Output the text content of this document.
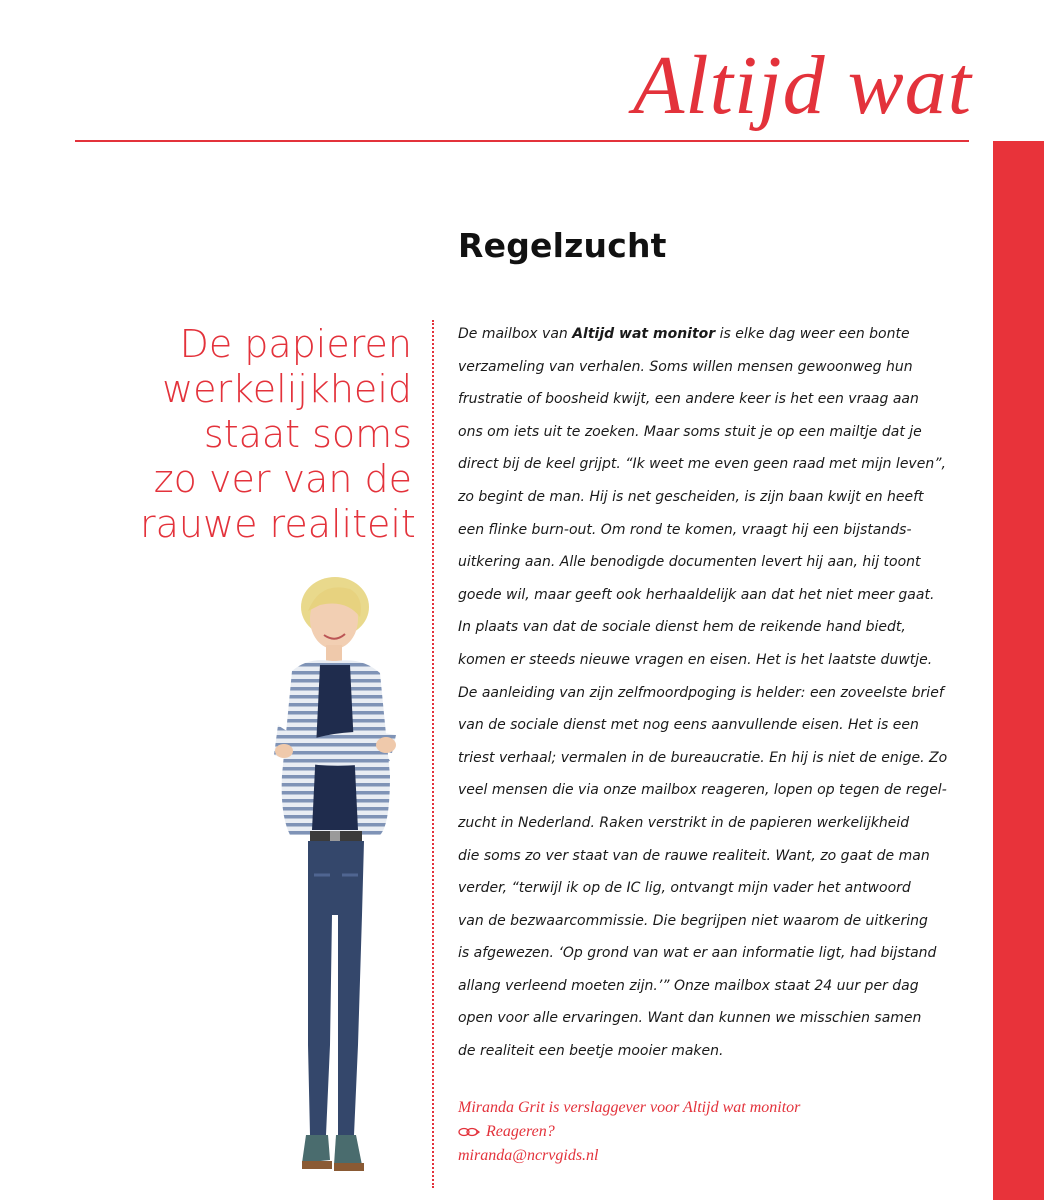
Altijd wat
Regelzucht
De papieren
werkelijkheid
staat soms
zo ver van de
rauwe realiteit
De mailbox van Altijd wat monitor is elke dag weer een bonte
verzameling van verhalen. Soms willen mensen gewoonweg hun
frustratie of boosheid kwijt, een andere keer is het een vraag aan
ons om iets uit te zoeken. Maar soms stuit je op een mailtje dat je
direct bij de keel grijpt. “Ik weet me even geen raad met mijn leven”,
zo begint de man. Hij is net gescheiden, is zijn baan kwijt en heeft
een flinke burn-out. Om rond te komen, vraagt hij een bijstands-
uitkering aan. Alle benodigde documenten levert hij aan, hij toont
goede wil, maar geeft ook herhaaldelijk aan dat het niet meer gaat.
In plaats van dat de sociale dienst hem de reikende hand biedt,
komen er steeds nieuwe vragen en eisen. Het is het laatste duwtje.
De aanleiding van zijn zelfmoordpoging is helder: een zoveelste brief
van de sociale dienst met nog eens aanvullende eisen. Het is een
triest verhaal; vermalen in de bureaucratie. En hij is niet de enige. Zo
veel mensen die via onze mailbox reageren, lopen op tegen de regel-
zucht in Nederland. Raken verstrikt in de papieren werkelijkheid
die soms zo ver staat van de rauwe realiteit. Want, zo gaat de man
verder, “terwijl ik op de IC lig, ontvangt mijn vader het antwoord
van de bezwaarcommissie. Die begrijpen niet waarom de uitkering
is afgewezen. ‘Op grond van wat er aan informatie ligt, had bijstand
allang verleend moeten zijn.’” Onze mailbox staat 24 uur per dag
open voor alle ervaringen. Want dan kunnen we misschien samen
de realiteit een beetje mooier maken.
Miranda Grit is verslaggever voor Altijd wat monitor
Reageren?
miranda@ncrvgids.nl
